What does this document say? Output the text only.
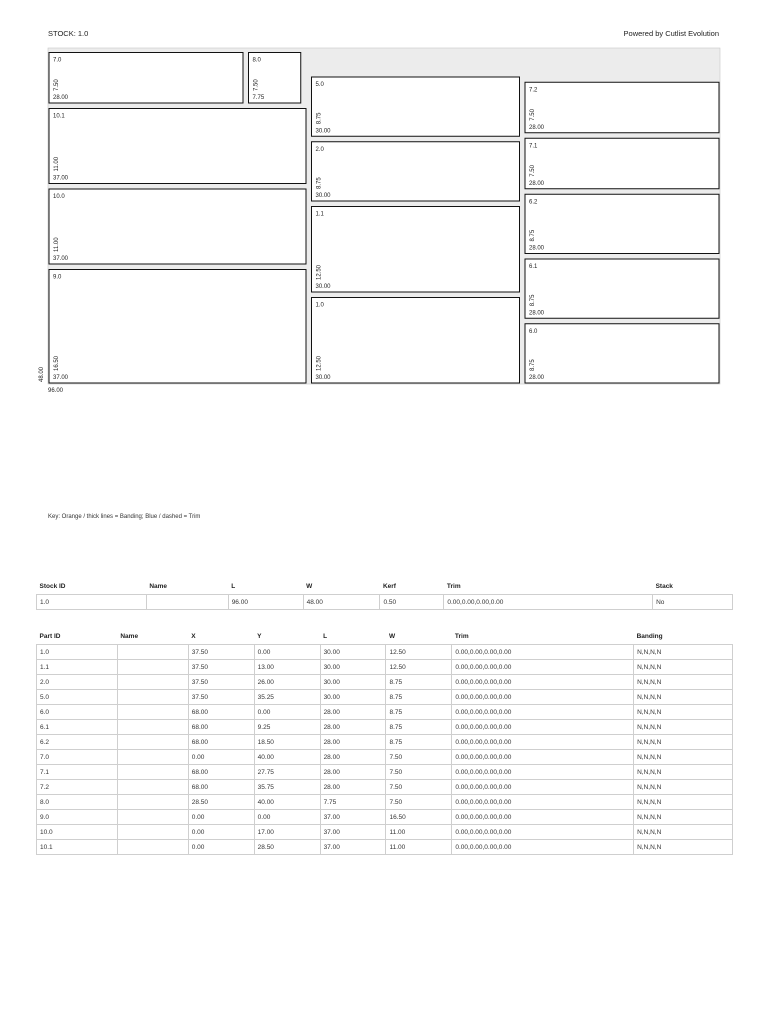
STOCK: 1.0	Powered by Cutlist Evolution
1.0
30.00
12.50
1.1
30.00
12.50
2.0
30.00
8.75
5.0
30.00
8.75
6.0
28.00
8.75
6.1
28.00
8.75
6.2
28.00
8.75
7.0
28.00
7.50
7.1
28.00
7.50
7.2
28.00
7.50
8.0
7.75
7.50
9.0
37.00
16.50
10.0
37.00
11.00
10.1
37.00
11.00
48.00
96.00
Key: Orange / thick lines = Banding; Blue / dashed = Trim
Stock ID	Name	L	W	Kerf	Trim	Stack
1.0		96.00	48.00	0.50	0.00,0.00,0.00,0.00	No
Part ID	Name	X	Y	L	W	Trim	Banding
1.0		37.50	0.00	30.00	12.50	0.00,0.00,0.00,0.00	N,N,N,N
1.1		37.50	13.00	30.00	12.50	0.00,0.00,0.00,0.00	N,N,N,N
2.0		37.50	26.00	30.00	8.75	0.00,0.00,0.00,0.00	N,N,N,N
5.0		37.50	35.25	30.00	8.75	0.00,0.00,0.00,0.00	N,N,N,N
6.0		68.00	0.00	28.00	8.75	0.00,0.00,0.00,0.00	N,N,N,N
6.1		68.00	9.25	28.00	8.75	0.00,0.00,0.00,0.00	N,N,N,N
6.2		68.00	18.50	28.00	8.75	0.00,0.00,0.00,0.00	N,N,N,N
7.0		0.00	40.00	28.00	7.50	0.00,0.00,0.00,0.00	N,N,N,N
7.1		68.00	27.75	28.00	7.50	0.00,0.00,0.00,0.00	N,N,N,N
7.2		68.00	35.75	28.00	7.50	0.00,0.00,0.00,0.00	N,N,N,N
8.0		28.50	40.00	7.75	7.50	0.00,0.00,0.00,0.00	N,N,N,N
9.0		0.00	0.00	37.00	16.50	0.00,0.00,0.00,0.00	N,N,N,N
10.0		0.00	17.00	37.00	11.00	0.00,0.00,0.00,0.00	N,N,N,N
10.1		0.00	28.50	37.00	11.00	0.00,0.00,0.00,0.00	N,N,N,N
